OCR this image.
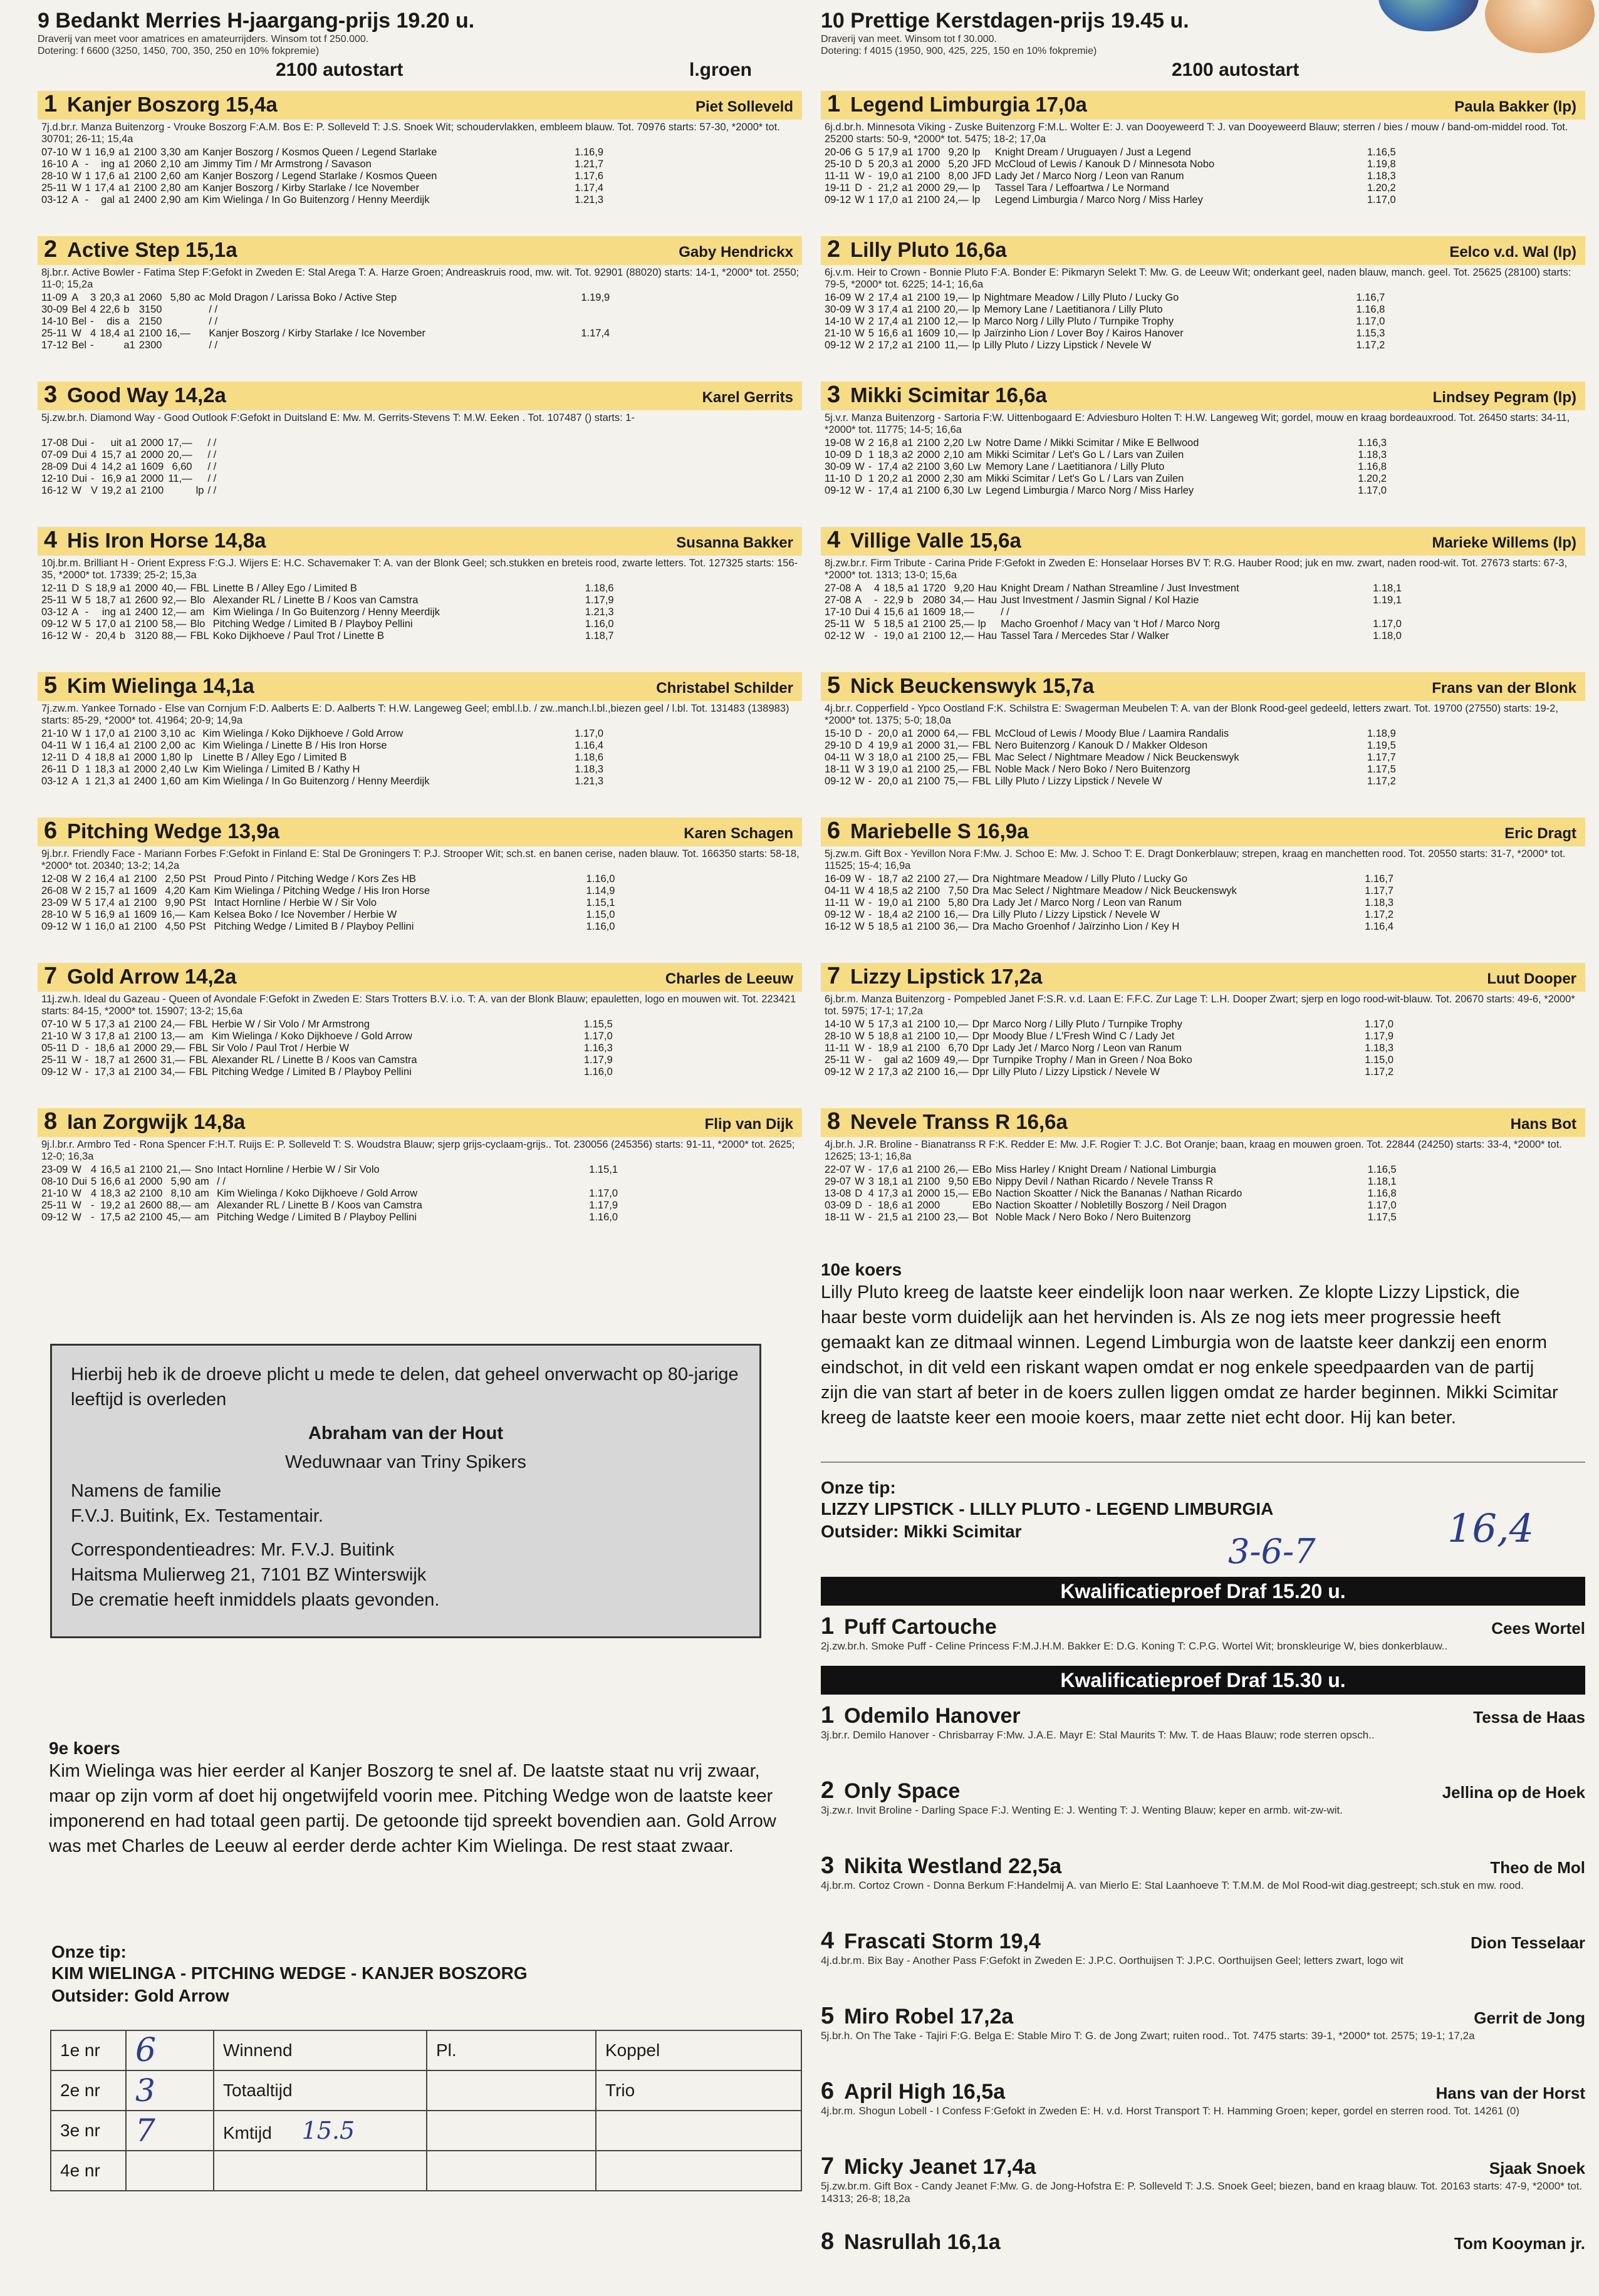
9 Bedankt Merries H-jaargang-prijs 19.20 u.
Draverij van meet voor amatrices en amateurrijders. Winsom tot f 250.000.
Dotering: f 6600 (3250, 1450, 700, 350, 250 en 10% fokpremie)
2100 autostart	l.groen
1 Kanjer Boszorg 15,4a	Piet Solleveld
7j.d.br.r. Manza Buitenzorg - Vrouke Boszorg F:A.M. Bos E: P. Solleveld T: J.S. Snoek Wit; schoudervlakken, embleem blauw. Tot. 70976 starts: 57-30, *2000* tot. 30701; 26-11; 15,4a
07-10	W	1	16,9	a1	2100	3,30	am	Kanjer Boszorg / Kosmos Queen / Legend Starlake	1.16,9
16-10	A	-	ing	a1	2060	2,10	am	Jimmy Tim / Mr Armstrong / Savason	1.21,7
28-10	W	1	17,6	a1	2100	2,60	am	Kanjer Boszorg / Legend Starlake / Kosmos Queen	1.17,6
25-11	W	1	17,4	a1	2100	2,80	am	Kanjer Boszorg / Kirby Starlake / Ice November	1.17,4
03-12	A	-	gal	a1	2400	2,90	am	Kim Wielinga / In Go Buitenzorg / Henny Meerdijk	1.21,3
2 Active Step 15,1a	Gaby Hendrickx
8j.br.r. Active Bowler - Fatima Step F:Gefokt in Zweden E: Stal Arega T: A. Harze Groen; Andreaskruis rood, mw. wit. Tot. 92901 (88020) starts: 14-1, *2000* tot. 2550; 11-0; 15,2a
11-09	A	3	20,3	a1	2060	5,80	ac	Mold Dragon / Larissa Boko / Active Step	1.19,9
30-09	Bel	4	22,6	b	3150			/ /	
14-10	Bel	-	dis	a	2150			/ /	
25-11	W	4	18,4	a1	2100	16,—		Kanjer Boszorg / Kirby Starlake / Ice November	1.17,4
17-12	Bel	-		a1	2300			/ /	
3 Good Way 14,2a	Karel Gerrits
5j.zw.br.h. Diamond Way - Good Outlook F:Gefokt in Duitsland E: Mw. M. Gerrits-Stevens T: M.W. Eeken . Tot. 107487 () starts: 1-
17-08	Dui	-	uit	a1	2000	17,—		/ /	
07-09	Dui	4	15,7	a1	2000	20,—		/ /	
28-09	Dui	4	14,2	a1	1609	6,60		/ /	
12-10	Dui	-	16,9	a1	2000	11,—		/ /	
16-12	W	V	19,2	a1	2100		lp	/ /	
4 His Iron Horse 14,8a	Susanna Bakker
10j.br.m. Brilliant H - Orient Express F:G.J. Wijers E: H.C. Schavemaker T: A. van der Blonk Geel; sch.stukken en breteis rood, zwarte letters. Tot. 127325 starts: 156-35, *2000* tot. 17339; 25-2; 15,3a
12-11	D	S	18,9	a1	2000	40,—	FBL	Linette B / Alley Ego / Limited B	1.18,6
25-11	W	5	18,7	a1	2600	92,—	Blo	Alexander RL / Linette B / Koos van Camstra	1.17,9
03-12	A	-	ing	a1	2400	12,—	am	Kim Wielinga / In Go Buitenzorg / Henny Meerdijk	1.21,3
09-12	W	5	17,0	a1	2100	58,—	Blo	Pitching Wedge / Limited B / Playboy Pellini	1.16,0
16-12	W	-	20,4	b	3120	88,—	FBL	Koko Dijkhoeve / Paul Trot / Linette B	1.18,7
5 Kim Wielinga 14,1a	Christabel Schilder
7j.zw.m. Yankee Tornado - Else van Cornjum F:D. Aalberts E: D. Aalberts T: H.W. Langeweg Geel; embl.l.b. / zw..manch.l.bl.,biezen geel / l.bl. Tot. 131483 (138983) starts: 85-29, *2000* tot. 41964; 20-9; 14,9a
21-10	W	1	17,0	a1	2100	3,10	ac	Kim Wielinga / Koko Dijkhoeve / Gold Arrow	1.17,0
04-11	W	1	16,4	a1	2100	2,00	ac	Kim Wielinga / Linette B / His Iron Horse	1.16,4
12-11	D	4	18,8	a1	2000	1,80	lp	Linette B / Alley Ego / Limited B	1.18,6
26-11	D	1	18,3	a1	2000	2,40	Lw	Kim Wielinga / Limited B / Kathy H	1.18,3
03-12	A	1	21,3	a1	2400	1,60	am	Kim Wielinga / In Go Buitenzorg / Henny Meerdijk	1.21,3
6 Pitching Wedge 13,9a	Karen Schagen
9j.br.r. Friendly Face - Mariann Forbes F:Gefokt in Finland E: Stal De Groningers T: P.J. Strooper Wit; sch.st. en banen cerise, naden blauw. Tot. 166350 starts: 58-18, *2000* tot. 20340; 13-2; 14,2a
12-08	W	2	16,4	a1	2100	2,50	PSt	Proud Pinto / Pitching Wedge / Kors Zes HB	1.16,0
26-08	W	2	15,7	a1	1609	4,20	Kam	Kim Wielinga / Pitching Wedge / His Iron Horse	1.14,9
23-09	W	5	17,4	a1	2100	9,90	PSt	Intact Hornline / Herbie W / Sir Volo	1.15,1
28-10	W	5	16,9	a1	1609	16,—	Kam	Kelsea Boko / Ice November / Herbie W	1.15,0
09-12	W	1	16,0	a1	2100	4,50	PSt	Pitching Wedge / Limited B / Playboy Pellini	1.16,0
7 Gold Arrow 14,2a	Charles de Leeuw
11j.zw.h. Ideal du Gazeau - Queen of Avondale F:Gefokt in Zweden E: Stars Trotters B.V. i.o. T: A. van der Blonk Blauw; epauletten, logo en mouwen wit. Tot. 223421 starts: 84-15, *2000* tot. 15907; 13-2; 15,6a
07-10	W	5	17,3	a1	2100	24,—	FBL	Herbie W / Sir Volo / Mr Armstrong	1.15,5
21-10	W	3	17,8	a1	2100	13,—	am	Kim Wielinga / Koko Dijkhoeve / Gold Arrow	1.17,0
05-11	D	-	18,6	a1	2000	29,—	FBL	Sir Volo / Paul Trot / Herbie W	1.16,3
25-11	W	-	18,7	a1	2600	31,—	FBL	Alexander RL / Linette B / Koos van Camstra	1.17,9
09-12	W	-	17,3	a1	2100	34,—	FBL	Pitching Wedge / Limited B / Playboy Pellini	1.16,0
8 Ian Zorgwijk 14,8a	Flip van Dijk
9j.l.br.r. Armbro Ted - Rona Spencer F:H.T. Ruijs E: P. Solleveld T: S. Woudstra Blauw; sjerp grijs-cyclaam-grijs.. Tot. 230056 (245356) starts: 91-11, *2000* tot. 2625; 12-0; 16,3a
23-09	W	4	16,5	a1	2100	21,—	Sno	Intact Hornline / Herbie W / Sir Volo	1.15,1
08-10	Dui	5	16,6	a1	2000	5,90	am	/ /	
21-10	W	4	18,3	a2	2100	8,10	am	Kim Wielinga / Koko Dijkhoeve / Gold Arrow	1.17,0
25-11	W	-	19,2	a1	2600	88,—	am	Alexander RL / Linette B / Koos van Camstra	1.17,9
09-12	W	-	17,5	a2	2100	45,—	am	Pitching Wedge / Limited B / Playboy Pellini	1.16,0
Hierbij heb ik de droeve plicht u mede te delen, dat geheel onverwacht op 80-jarige leeftijd is overleden
Abraham van der Hout
Weduwnaar van Triny Spikers
Namens de familie
F.V.J. Buitink, Ex. Testamentair.
Correspondentieadres: Mr. F.V.J. Buitink
Haitsma Mulierweg 21, 7101 BZ Winterswijk
De crematie heeft inmiddels plaats gevonden.
9e koers
Kim Wielinga was hier eerder al Kanjer Boszorg te snel af. De laatste staat nu vrij zwaar, maar op zijn vorm af doet hij ongetwijfeld voorin mee. Pitching Wedge won de laatste keer imponerend en had totaal geen partij. De getoonde tijd spreekt bovendien aan. Gold Arrow was met Charles de Leeuw al eerder derde achter Kim Wielinga. De rest staat zwaar.
Onze tip:
KIM WIELINGA - PITCHING WEDGE - KANJER BOSZORG
Outsider: Gold Arrow
1e nr	6	Winnend	Pl.	Koppel
2e nr	3	Totaaltijd		Trio
3e nr	7	Kmtijd 15.5		
4e nr				
10 Prettige Kerstdagen-prijs 19.45 u.
Draverij van meet. Winsom tot f 30.000.
Dotering: f 4015 (1950, 900, 425, 225, 150 en 10% fokpremie)
2100 autostart
1 Legend Limburgia 17,0a	Paula Bakker (lp)
6j.d.br.h. Minnesota Viking - Zuske Buitenzorg F:M.L. Wolter E: J. van Dooyeweerd T: J. van Dooyeweerd Blauw; sterren / bies / mouw / band-om-middel rood. Tot. 25200 starts: 50-9, *2000* tot. 5475; 18-2; 17,0a
20-06	G	5	17,9	a1	1700	9,20	lp	Knight Dream / Uruguayen / Just a Legend	1.16,5
25-10	D	5	20,3	a1	2000	5,20	JFD	McCloud of Lewis / Kanouk D / Minnesota Nobo	1.19,8
11-11	W	-	19,0	a1	2100	8,00	JFD	Lady Jet / Marco Norg / Leon van Ranum	1.18,3
19-11	D	-	21,2	a1	2000	29,—	lp	Tassel Tara / Leffoartwa / Le Normand	1.20,2
09-12	W	1	17,0	a1	2100	24,—	lp	Legend Limburgia / Marco Norg / Miss Harley	1.17,0
2 Lilly Pluto 16,6a	Eelco v.d. Wal (lp)
6j.v.m. Heir to Crown - Bonnie Pluto F:A. Bonder E: Pikmaryn Selekt T: Mw. G. de Leeuw Wit; onderkant geel, naden blauw, manch. geel. Tot. 25625 (28100) starts: 79-5, *2000* tot. 6225; 14-1; 16,6a
16-09	W	2	17,4	a1	2100	19,—	lp	Nightmare Meadow / Lilly Pluto / Lucky Go	1.16,7
30-09	W	3	17,4	a1	2100	20,—	lp	Memory Lane / Laetitianora / Lilly Pluto	1.16,8
14-10	W	2	17,4	a1	2100	12,—	lp	Marco Norg / Lilly Pluto / Turnpike Trophy	1.17,0
21-10	W	5	16,6	a1	1609	10,—	lp	Jaïrzinho Lion / Lover Boy / Kairos Hanover	1.15,3
09-12	W	2	17,2	a1	2100	11,—	lp	Lilly Pluto / Lizzy Lipstick / Nevele W	1.17,2
3 Mikki Scimitar 16,6a	Lindsey Pegram (lp)
5j.v.r. Manza Buitenzorg - Sartoria F:W. Uittenbogaard E: Adviesburo Holten T: H.W. Langeweg Wit; gordel, mouw en kraag bordeauxrood. Tot. 26450 starts: 34-11, *2000* tot. 11775; 14-5; 16,6a
19-08	W	2	16,8	a1	2100	2,20	Lw	Notre Dame / Mikki Scimitar / Mike E Bellwood	1.16,3
10-09	D	1	18,3	a2	2000	2,10	am	Mikki Scimitar / Let's Go L / Lars van Zuilen	1.18,3
30-09	W	-	17,4	a2	2100	3,60	Lw	Memory Lane / Laetitianora / Lilly Pluto	1.16,8
11-10	D	1	20,2	a1	2000	2,30	am	Mikki Scimitar / Let's Go L / Lars van Zuilen	1.20,2
09-12	W	-	17,4	a1	2100	6,30	Lw	Legend Limburgia / Marco Norg / Miss Harley	1.17,0
4 Villige Valle 15,6a	Marieke Willems (lp)
8j.zw.br.r. Firm Tribute - Carina Pride F:Gefokt in Zweden E: Honselaar Horses BV T: R.G. Hauber Rood; juk en mw. zwart, naden rood-wit. Tot. 27673 starts: 67-3, *2000* tot. 1313; 13-0; 15,6a
27-08	A	4	18,5	a1	1720	9,20	Hau	Knight Dream / Nathan Streamline / Just Investment	1.18,1
27-08	A	-	22,9	b	2080	34,—	Hau	Just Investment / Jasmin Signal / Kol Hazie	1.19,1
17-10	Dui	4	15,6	a1	1609	18,—		/ /	
25-11	W	5	18,5	a1	2100	25,—	lp	Macho Groenhof / Macy van 't Hof / Marco Norg	1.17,0
02-12	W	-	19,0	a1	2100	12,—	Hau	Tassel Tara / Mercedes Star / Walker	1.18,0
5 Nick Beuckenswyk 15,7a	Frans van der Blonk
4j.br.r. Copperfield - Ypco Oostland F:K. Schilstra E: Swagerman Meubelen T: A. van der Blonk Rood-geel gedeeld, letters zwart. Tot. 19700 (27550) starts: 19-2, *2000* tot. 1375; 5-0; 18,0a
15-10	D	-	20,0	a1	2000	64,—	FBL	McCloud of Lewis / Moody Blue / Laamira Randalis	1.18,9
29-10	D	4	19,9	a1	2000	31,—	FBL	Nero Buitenzorg / Kanouk D / Makker Oldeson	1.19,5
04-11	W	3	18,0	a1	2100	25,—	FBL	Mac Select / Nightmare Meadow / Nick Beuckenswyk	1.17,7
18-11	W	3	19,0	a1	2100	25,—	FBL	Noble Mack / Nero Boko / Nero Buitenzorg	1.17,5
09-12	W	-	20,0	a1	2100	75,—	FBL	Lilly Pluto / Lizzy Lipstick / Nevele W	1.17,2
6 Mariebelle S 16,9a	Eric Dragt
5j.zw.m. Gift Box - Yevillon Nora F:Mw. J. Schoo E: Mw. J. Schoo T: E. Dragt Donkerblauw; strepen, kraag en manchetten rood. Tot. 20550 starts: 31-7, *2000* tot. 11525; 15-4; 16,9a
16-09	W	-	18,7	a2	2100	27,—	Dra	Nightmare Meadow / Lilly Pluto / Lucky Go	1.16,7
04-11	W	4	18,5	a2	2100	7,50	Dra	Mac Select / Nightmare Meadow / Nick Beuckenswyk	1.17,7
11-11	W	-	19,0	a1	2100	5,80	Dra	Lady Jet / Marco Norg / Leon van Ranum	1.18,3
09-12	W	-	18,4	a2	2100	16,—	Dra	Lilly Pluto / Lizzy Lipstick / Nevele W	1.17,2
16-12	W	5	18,5	a1	2100	36,—	Dra	Macho Groenhof / Jaïrzinho Lion / Key H	1.16,4
7 Lizzy Lipstick 17,2a	Luut Dooper
6j.br.m. Manza Buitenzorg - Pompebled Janet F:S.R. v.d. Laan E: F.F.C. Zur Lage T: L.H. Dooper Zwart; sjerp en logo rood-wit-blauw. Tot. 20670 starts: 49-6, *2000* tot. 5975; 17-1; 17,2a
14-10	W	5	17,3	a1	2100	10,—	Dpr	Marco Norg / Lilly Pluto / Turnpike Trophy	1.17,0
28-10	W	5	18,8	a1	2100	10,—	Dpr	Moody Blue / L'Fresh Wind C / Lady Jet	1.17,9
11-11	W	-	18,9	a1	2100	6,70	Dpr	Lady Jet / Marco Norg / Leon van Ranum	1.18,3
25-11	W	-	gal	a2	1609	49,—	Dpr	Turnpike Trophy / Man in Green / Noa Boko	1.15,0
09-12	W	2	17,3	a2	2100	16,—	Dpr	Lilly Pluto / Lizzy Lipstick / Nevele W	1.17,2
8 Nevele Transs R 16,6a	Hans Bot
4j.br.h. J.R. Broline - Bianatranss R F:K. Redder E: Mw. J.F. Rogier T: J.C. Bot Oranje; baan, kraag en mouwen groen. Tot. 22844 (24250) starts: 33-4, *2000* tot. 12625; 13-1; 16,8a
22-07	W	-	17,6	a1	2100	26,—	EBo	Miss Harley / Knight Dream / National Limburgia	1.16,5
29-07	W	3	18,1	a1	2100	9,50	EBo	Nippy Devil / Nathan Ricardo / Nevele Transs R	1.18,1
13-08	D	4	17,3	a1	2000	15,—	EBo	Naction Skoatter / Nick the Bananas / Nathan Ricardo	1.16,8
03-09	D	-	18,6	a1	2000		EBo	Naction Skoatter / Nobletilly Boszorg / Neil Dragon	1.17,0
18-11	W	-	21,5	a1	2100	23,—	Bot	Noble Mack / Nero Boko / Nero Buitenzorg	1.17,5
10e koers
Lilly Pluto kreeg de laatste keer eindelijk loon naar werken. Ze klopte Lizzy Lipstick, die haar beste vorm duidelijk aan het hervinden is. Als ze nog iets meer progressie heeft gemaakt kan ze ditmaal winnen. Legend Limburgia won de laatste keer dankzij een enorm eindschot, in dit veld een riskant wapen omdat er nog enkele speedpaarden van de partij zijn die van start af beter in de koers zullen liggen omdat ze harder beginnen. Mikki Scimitar kreeg de laatste keer een mooie koers, maar zette niet echt door. Hij kan beter.
Onze tip:
LIZZY LIPSTICK - LILLY PLUTO - LEGEND LIMBURGIA
Outsider: Mikki Scimitar
3-6-7
16,4
Kwalificatieproef Draf 15.20 u.
1 Puff Cartouche	Cees Wortel
2j.zw.br.h. Smoke Puff - Celine Princess F:M.J.H.M. Bakker E: D.G. Koning T: C.P.G. Wortel Wit; bronskleurige W, bies donkerblauw..
Kwalificatieproef Draf 15.30 u.
1 Odemilo Hanover	Tessa de Haas
3j.br.r. Demilo Hanover - Chrisbarray F:Mw. J.A.E. Mayr E: Stal Maurits T: Mw. T. de Haas Blauw; rode sterren opsch..
2 Only Space	Jellina op de Hoek
3j.zw.r. Invit Broline - Darling Space F:J. Wenting E: J. Wenting T: J. Wenting Blauw; keper en armb. wit-zw-wit.
3 Nikita Westland 22,5a	Theo de Mol
4j.br.m. Cortoz Crown - Donna Berkum F:Handelmij A. van Mierlo E: Stal Laanhoeve T: T.M.M. de Mol Rood-wit diag.gestreept; sch.stuk en mw. rood.
4 Frascati Storm 19,4	Dion Tesselaar
4j.d.br.m. Bix Bay - Another Pass F:Gefokt in Zweden E: J.P.C. Oorthuijsen T: J.P.C. Oorthuijsen Geel; letters zwart, logo wit
5 Miro Robel 17,2a	Gerrit de Jong
5j.br.h. On The Take - Tajiri F:G. Belga E: Stable Miro T: G. de Jong Zwart; ruiten rood.. Tot. 7475 starts: 39-1, *2000* tot. 2575; 19-1; 17,2a
6 April High 16,5a	Hans van der Horst
4j.br.m. Shogun Lobell - I Confess F:Gefokt in Zweden E: H. v.d. Horst Transport T: H. Hamming Groen; keper, gordel en sterren rood. Tot. 14261 (0)
7 Micky Jeanet 17,4a	Sjaak Snoek
5j.zw.br.m. Gift Box - Candy Jeanet F:Mw. G. de Jong-Hofstra E: P. Solleveld T: J.S. Snoek Geel; biezen, band en kraag blauw. Tot. 20163 starts: 47-9, *2000* tot. 14313; 26-8; 18,2a
8 Nasrullah 16,1a	Tom Kooyman jr.
